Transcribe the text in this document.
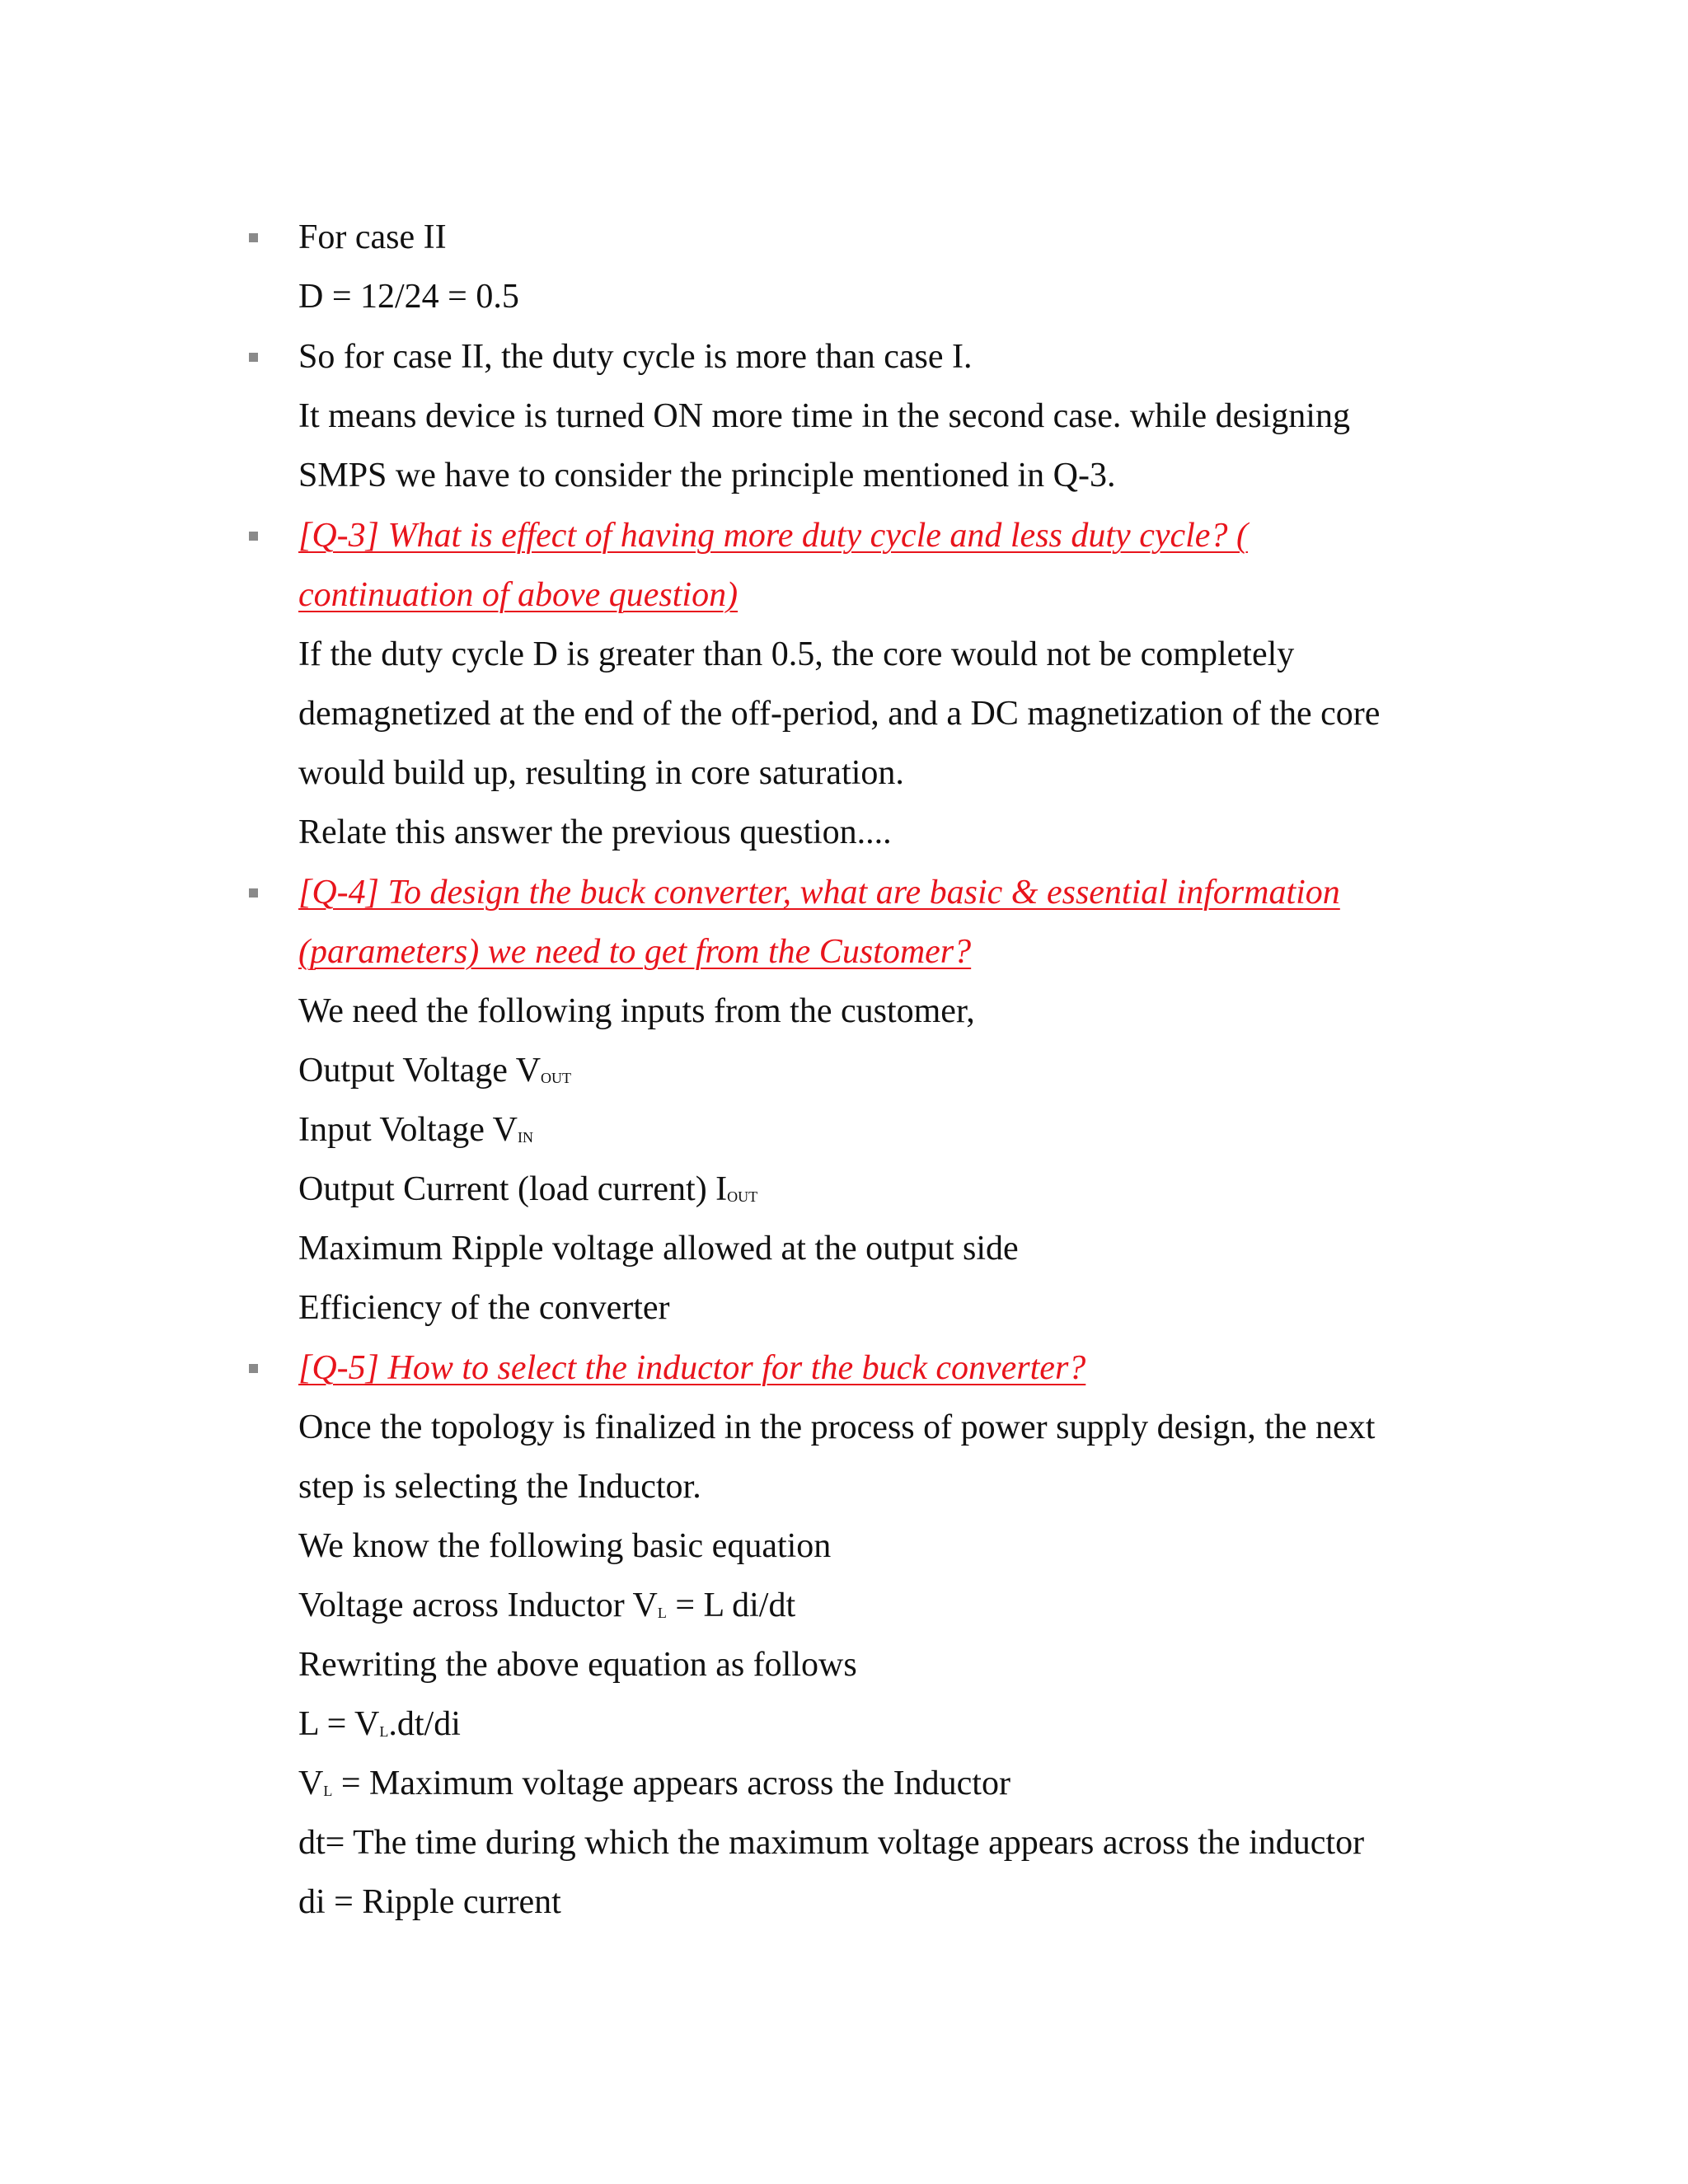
For case II
D = 12/24 = 0.5
So for case II, the duty cycle is more than case I.
It means device is turned ON more time in the second case. while designing
SMPS we have to consider the principle mentioned in Q-3.
[Q-3] What is effect of having more duty cycle and less duty cycle? (
continuation of above question)
If the duty cycle D is greater than 0.5, the core would not be completely
demagnetized at the end of the off-period, and a DC magnetization of the core
would build up, resulting in core saturation.
Relate this answer the previous question....
[Q-4] To design the buck converter, what are basic & essential information
(parameters) we need to get from the Customer?
We need the following inputs from the customer,
Output Voltage $V_{OUT}$
Input Voltage $V_{IN}$
Output Current (load current) $I_{OUT}$
Maximum Ripple voltage allowed at the output side
Efficiency of the converter
[Q-5] How to select the inductor for the buck converter?
Once the topology is finalized in the process of power supply design, the next
step is selecting the Inductor.
We know the following basic equation
Voltage across Inductor $V_L = L$ di/dt
Rewriting the above equation as follows
$L = V_L.dt/di$
$V_L$ = Maximum voltage appears across the Inductor
dt= The time during which the maximum voltage appears across the inductor
di = Ripple current
